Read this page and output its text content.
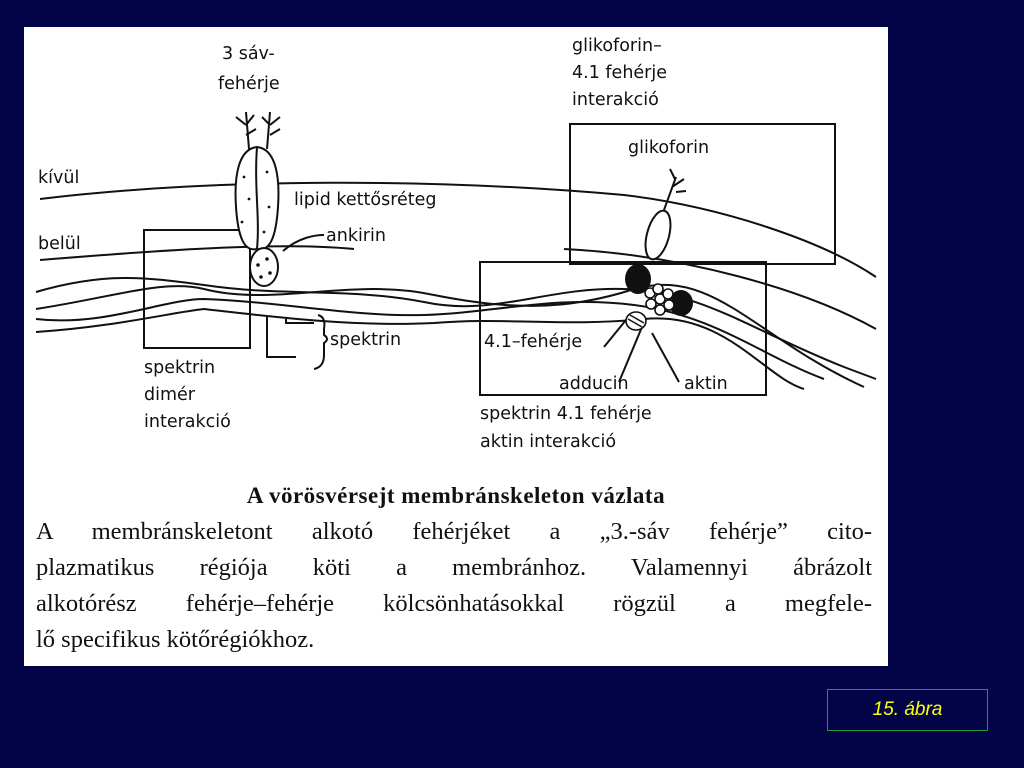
3 sáv-
fehérje
kívül
belül
lipid kettősréteg
ankirin
spektrin
spektrin
dimér
interakció
glikoforin–
4.1 fehérje
interakció
glikoforin
4.1–fehérje
adducin	aktin
spektrin 4.1 fehérje
aktin interakció
A vörösvérsejt membránskeleton vázlata
A membránskeletont alkotó fehérjéket a „3.-sáv fehérje” cito-
plazmatikus régiója köti a membránhoz. Valamennyi ábrázolt
alkotórész fehérje–fehérje kölcsönhatásokkal rögzül a megfele-
lő specifikus kötőrégiókhoz.
15. ábra
